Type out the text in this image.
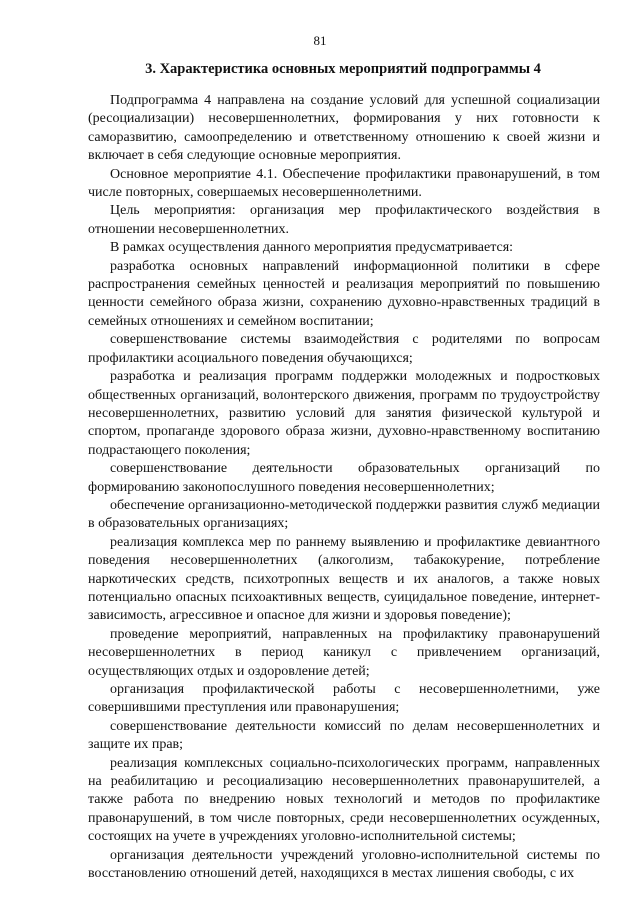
81
3. Характеристика основных мероприятий подпрограммы 4

Подпрограмма 4 направлена на создание условий для успешной социализации (ресоциализации) несовершеннолетних, формирования у них готовности к саморазвитию, самоопределению и ответственному отношению к своей жизни и включает в себя следующие основные мероприятия.

Основное мероприятие 4.1. Обеспечение профилактики правонарушений, в том числе повторных, совершаемых несовершеннолетними.

Цель мероприятия: организация мер профилактического воздействия в отношении несовершеннолетних.

В рамках осуществления данного мероприятия предусматривается:

разработка основных направлений информационной политики в сфере распространения семейных ценностей и реализация мероприятий по повышению ценности семейного образа жизни, сохранению духовно-нравственных традиций в семейных отношениях и семейном воспитании;

совершенствование системы взаимодействия с родителями по вопросам профилактики асоциального поведения обучающихся;

разработка и реализация программ поддержки молодежных и подростковых общественных организаций, волонтерского движения, программ по трудоустройству несовершеннолетних, развитию условий для занятия физической культурой и спортом, пропаганде здорового образа жизни, духовно-нравственному воспитанию подрастающего поколения;

совершенствование деятельности образовательных организаций по формированию законопослушного поведения несовершеннолетних;

обеспечение организационно-методической поддержки развития служб медиации в образовательных организациях;

реализация комплекса мер по раннему выявлению и профилактике девиантного поведения несовершеннолетних (алкоголизм, табакокурение, потребление наркотических средств, психотропных веществ и их аналогов, а также новых потенциально опасных психоактивных веществ, суицидальное поведение, интернет-зависимость, агрессивное и опасное для жизни и здоровья поведение);

проведение мероприятий, направленных на профилактику правонарушений несовершеннолетних в период каникул с привлечением организаций, осуществляющих отдых и оздоровление детей;

организация профилактической работы с несовершеннолетними, уже совершившими преступления или правонарушения;

совершенствование деятельности комиссий по делам несовершеннолетних и защите их прав;

реализация комплексных социально-психологических программ, направленных на реабилитацию и ресоциализацию несовершеннолетних правонарушителей, а также работа по внедрению новых технологий и методов по профилактике правонарушений, в том числе повторных, среди несовершеннолетних осужденных, состоящих на учете в учреждениях уголовно-исполнительной системы;

организация деятельности учреждений уголовно-исполнительной системы по восстановлению отношений детей, находящихся в местах лишения свободы, с их
